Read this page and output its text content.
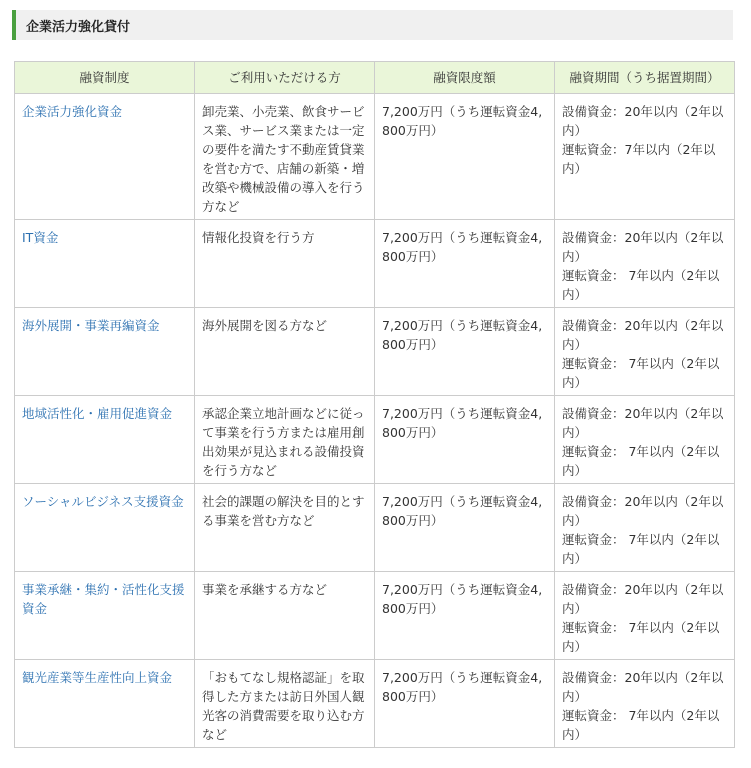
企業活力強化貸付
融資制度	ご利用いただける方	融資限度額	融資期間（うち据置期間）
企業活力強化資金	卸売業、小売業、飲食サービス業、サービス業または一定の要件を満たす不動産賃貸業を営む方で、店舗の新築・増改築や機械設備の導入を行う方など	7,200万円（うち運転資金4,800万円）	設備資金：20年以内（2年以内）
運転資金：7年以内（2年以内）

IT資金	情報化投資を行う方	7,200万円（うち運転資金4,800万円）	設備資金：20年以内（2年以内）
運転資金： 7年以内（2年以内）

海外展開・事業再編資金	海外展開を図る方など	7,200万円（うち運転資金4,800万円）	設備資金：20年以内（2年以内）
運転資金： 7年以内（2年以内）

地域活性化・雇用促進資金	承認企業立地計画などに従って事業を行う方または雇用創出効果が見込まれる設備投資を行う方など	7,200万円（うち運転資金4,800万円）	設備資金：20年以内（2年以内）
運転資金： 7年以内（2年以内）

ソーシャルビジネス支援資金	社会的課題の解決を目的とする事業を営む方など	7,200万円（うち運転資金4,800万円）	設備資金：20年以内（2年以内）
運転資金： 7年以内（2年以内）

事業承継・集約・活性化支援資金	事業を承継する方など	7,200万円（うち運転資金4,800万円）	設備資金：20年以内（2年以内）
運転資金： 7年以内（2年以内）

観光産業等生産性向上資金	「おもてなし規格認証」を取得した方または訪日外国人観光客の消費需要を取り込む方など	7,200万円（うち運転資金4,800万円）	設備資金：20年以内（2年以内）
運転資金： 7年以内（2年以内）
